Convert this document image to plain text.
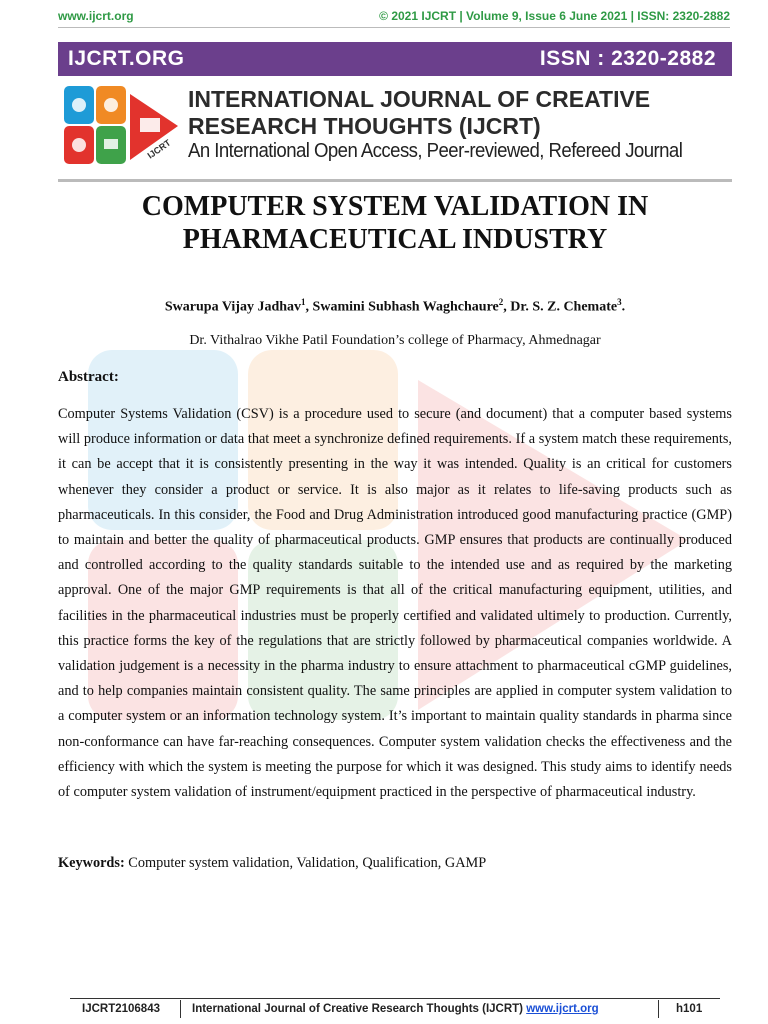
www.ijcrt.org	© 2021 IJCRT | Volume 9, Issue 6 June 2021 | ISSN: 2320-2882
IJCRT.ORG	ISSN : 2320-2882
IJCRT
INTERNATIONAL JOURNAL OF CREATIVE
RESEARCH THOUGHTS (IJCRT)
An International Open Access, Peer-reviewed, Refereed Journal
COMPUTER SYSTEM VALIDATION IN
PHARMACEUTICAL INDUSTRY
Swarupa Vijay Jadhav$^1$, Swamini Subhash Waghchaure$^2$, Dr. S. Z. Chemate$^3$.
Dr. Vithalrao Vikhe Patil Foundation’s college of Pharmacy, Ahmednagar
Abstract:
Computer Systems Validation (CSV) is a procedure used to secure (and document) that a computer based systems will produce information or data that meet a synchronize defined requirements. If a system match these requirements, it can be accept that it is consistently presenting in the way it was intended. Quality is an critical for customers whenever they consider a product or service. It is also major as it relates to life-saving products such as pharmaceuticals. In this consider, the Food and Drug Administration introduced good manufacturing practice (GMP) to maintain and better the quality of pharmaceutical products. GMP ensures that products are continually produced and controlled according to the quality standards suitable to the intended use and as required by the marketing approval. One of the major GMP requirements is that all of the critical manufacturing equipment, utilities, and facilities in the pharmaceutical industries must be properly certified and validated ultimely to production. Currently, this practice forms the key of the regulations that are strictly followed by pharmaceutical companies worldwide. A validation judgement is a necessity in the pharma industry to ensure attachment to pharmaceutical cGMP guidelines, and to help companies maintain consistent quality. The same principles are applied in computer system validation to a computer system or an information technology system. It’s important to maintain quality standards in pharma since non-conformance can have far-reaching consequences. Computer system validation checks the effectiveness and the efficiency with which the system is meeting the purpose for which it was designed. This study aims to identify needs of computer system validation of instrument/equipment practiced in the perspective of pharmaceutical industry.
Keywords: Computer system validation, Validation, Qualification, GAMP
IJCRT2106843	International Journal of Creative Research Thoughts (IJCRT) www.ijcrt.org	h101
